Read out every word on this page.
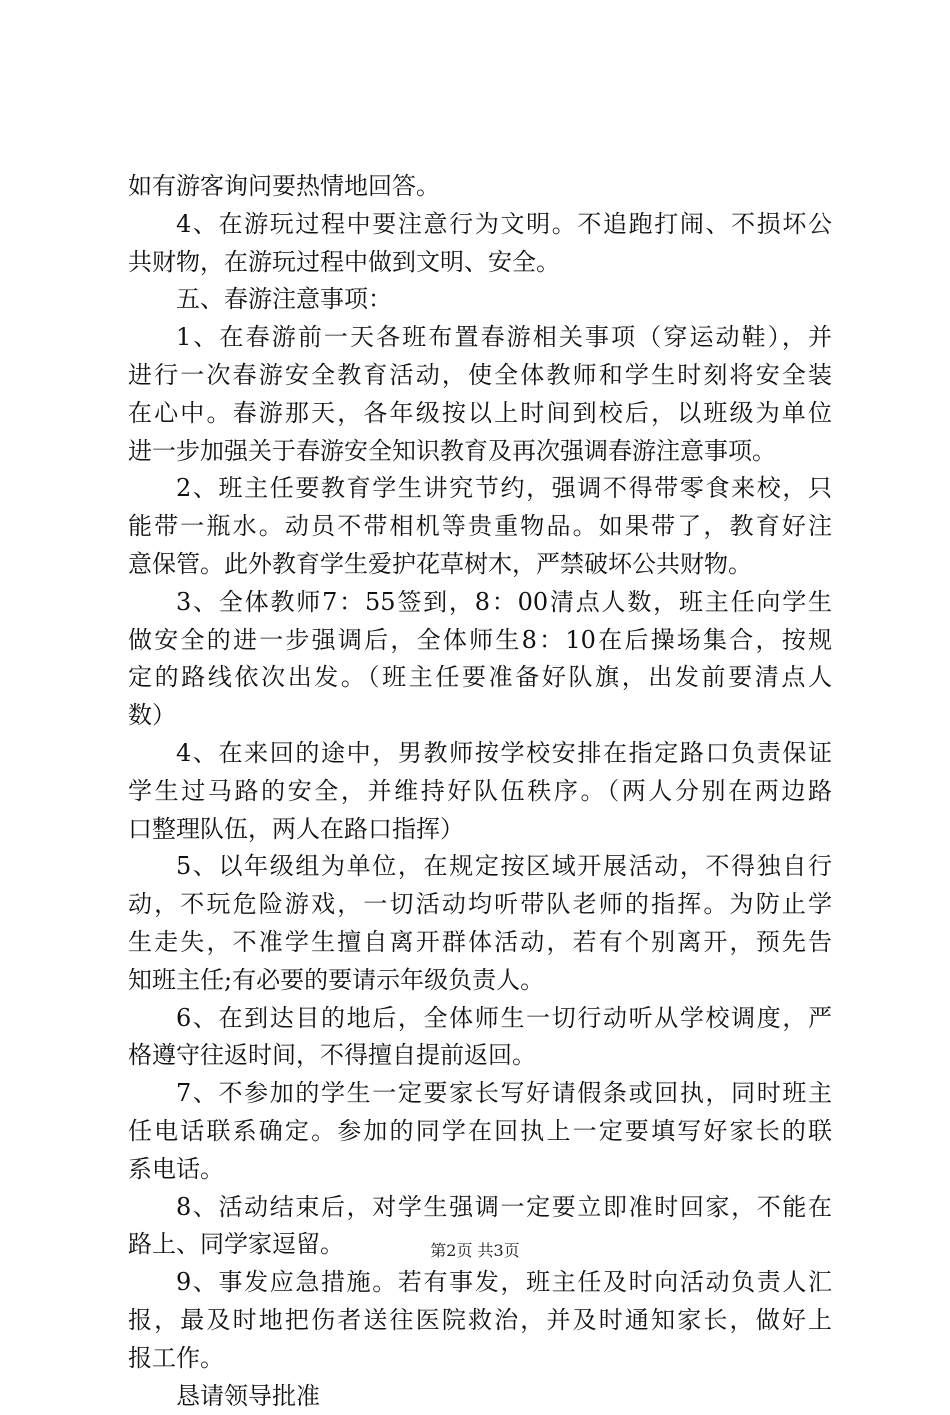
如有游客询问要热情地回答。
4、在游玩过程中要注意行为文明。不追跑打闹、不损坏公
共财物，在游玩过程中做到文明、安全。
五、春游注意事项：
1、在春游前一天各班布置春游相关事项（穿运动鞋），并
进行一次春游安全教育活动，使全体教师和学生时刻将安全装
在心中。春游那天，各年级按以上时间到校后，以班级为单位
进一步加强关于春游安全知识教育及再次强调春游注意事项。
2、班主任要教育学生讲究节约，强调不得带零食来校，只
能带一瓶水。动员不带相机等贵重物品。如果带了，教育好注
意保管。此外教育学生爱护花草树木，严禁破坏公共财物。
3、全体教师7：55签到，8：00清点人数，班主任向学生
做安全的进一步强调后，全体师生8：10在后操场集合，按规
定的路线依次出发。（班主任要准备好队旗，出发前要清点人
数）
4、在来回的途中，男教师按学校安排在指定路口负责保证
学生过马路的安全，并维持好队伍秩序。（两人分别在两边路
口整理队伍，两人在路口指挥）
5、以年级组为单位，在规定按区域开展活动，不得独自行
动，不玩危险游戏，一切活动均听带队老师的指挥。为防止学
生走失，不准学生擅自离开群体活动，若有个别离开，预先告
知班主任;有必要的要请示年级负责人。
6、在到达目的地后，全体师生一切行动听从学校调度，严
格遵守往返时间，不得擅自提前返回。
7、不参加的学生一定要家长写好请假条或回执，同时班主
任电话联系确定。参加的同学在回执上一定要填写好家长的联
系电话。
8、活动结束后，对学生强调一定要立即准时回家，不能在
路上、同学家逗留。
9、事发应急措施。若有事发，班主任及时向活动负责人汇
报，最及时地把伤者送往医院救治，并及时通知家长，做好上
报工作。
恳请领导批准
第2页 共3页
